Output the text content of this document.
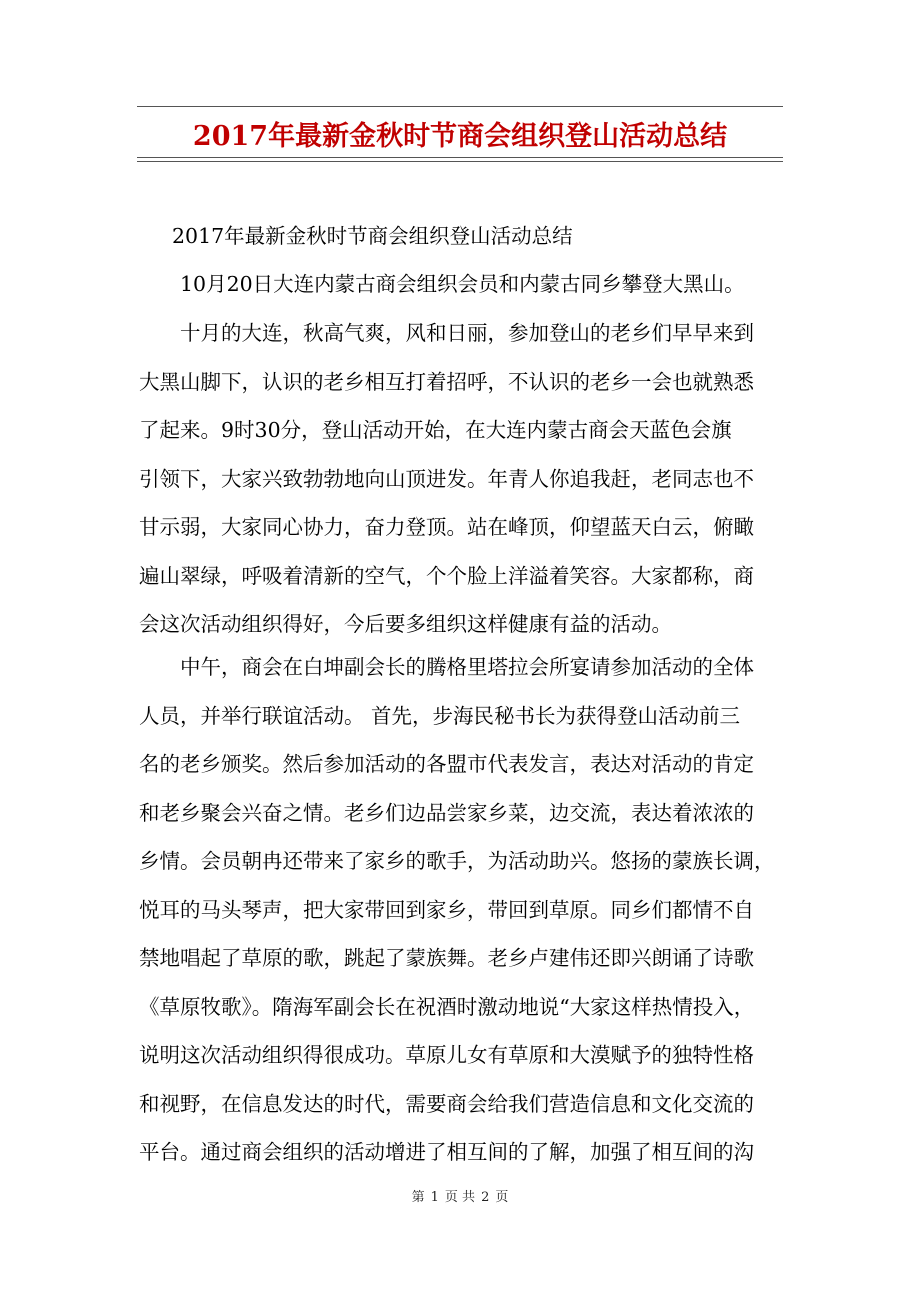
2017年最新金秋时节商会组织登山活动总结
2017年最新金秋时节商会组织登山活动总结
10月20日大连内蒙古商会组织会员和内蒙古同乡攀登大黑山。
十月的大连，秋高气爽，风和日丽，参加登山的老乡们早早来到
大黑山脚下，认识的老乡相互打着招呼，不认识的老乡一会也就熟悉
了起来。9时30分，登山活动开始，在大连内蒙古商会天蓝色会旗
引领下，大家兴致勃勃地向山顶进发。年青人你追我赶，老同志也不
甘示弱，大家同心协力，奋力登顶。站在峰顶，仰望蓝天白云，俯瞰
遍山翠绿，呼吸着清新的空气，个个脸上洋溢着笑容。大家都称，商
会这次活动组织得好，今后要多组织这样健康有益的活动。
中午，商会在白坤副会长的腾格里塔拉会所宴请参加活动的全体
人员，并举行联谊活动。 首先，步海民秘书长为获得登山活动前三
名的老乡颁奖。然后参加活动的各盟市代表发言，表达对活动的肯定
和老乡聚会兴奋之情。老乡们边品尝家乡菜，边交流，表达着浓浓的
乡情。会员朝冉还带来了家乡的歌手，为活动助兴。悠扬的蒙族长调，
悦耳的马头琴声，把大家带回到家乡，带回到草原。同乡们都情不自
禁地唱起了草原的歌，跳起了蒙族舞。老乡卢建伟还即兴朗诵了诗歌
《草原牧歌》。隋海军副会长在祝酒时激动地说“大家这样热情投入，
说明这次活动组织得很成功。草原儿女有草原和大漠赋予的独特性格
和视野，在信息发达的时代，需要商会给我们营造信息和文化交流的
平台。通过商会组织的活动增进了相互间的了解，加强了相互间的沟
第 1 页 共 2 页
